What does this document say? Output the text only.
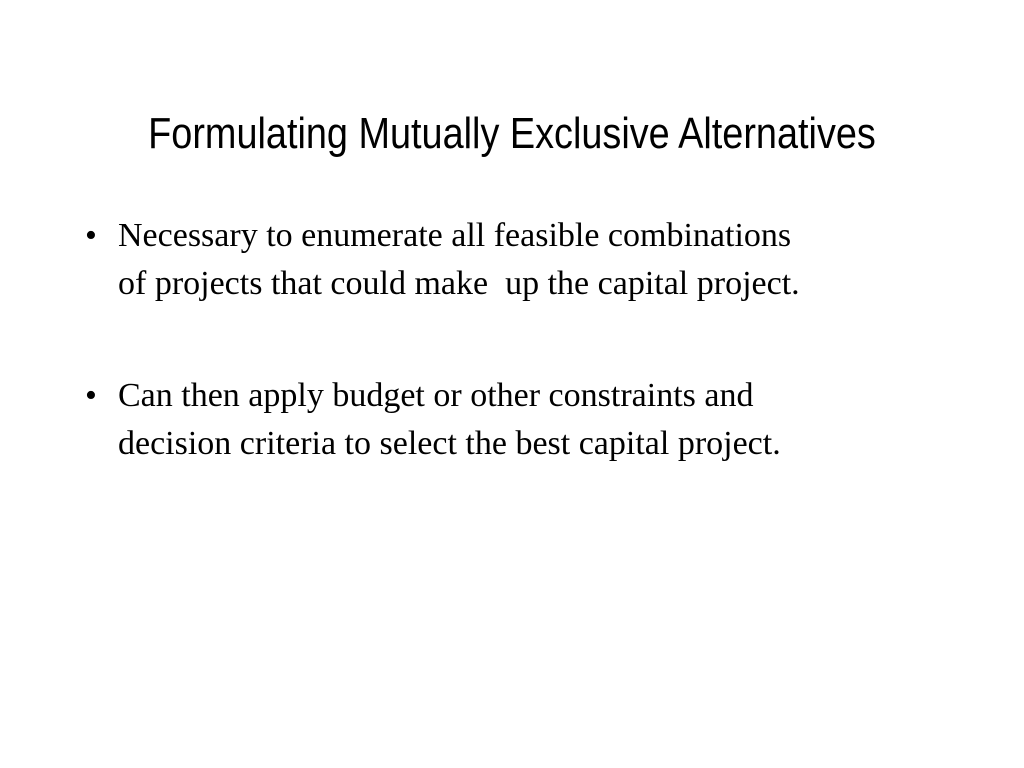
Formulating Mutually Exclusive Alternatives
• Necessary to enumerate all feasible combinations
of projects that could make  up the capital project.
• Can then apply budget or other constraints and
decision criteria to select the best capital project.
